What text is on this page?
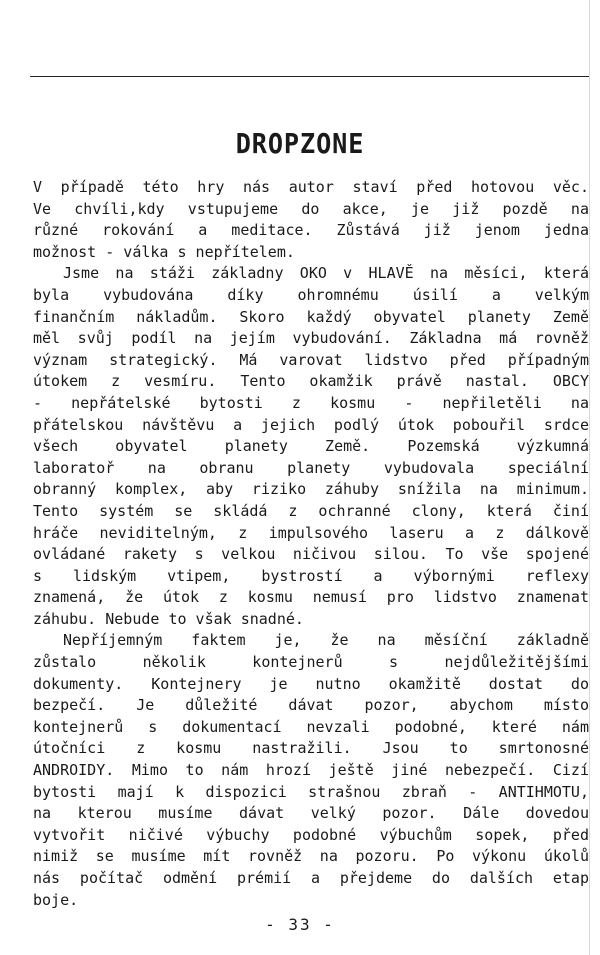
DROPZONE
V případě této hry nás autor staví před hotovou věc.
Ve chvíli,kdy vstupujeme do akce, je již pozdě na
různé rokování a meditace. Zůstává již jenom jedna
možnost - válka s nepřítelem.
Jsme na stáži základny OKO v HLAVĚ na měsíci, která
byla vybudována díky ohromnému úsilí a velkým
finančním nákladům. Skoro každý obyvatel planety Země
měl svůj podíl na jejím vybudování. Základna má rovněž
význam strategický. Má varovat lidstvo před případným
útokem z vesmíru. Tento okamžik právě nastal. OBCY
- nepřátelské bytosti z kosmu - nepřiletěli na
přátelskou návštěvu a jejich podlý útok pobouřil srdce
všech obyvatel planety Země. Pozemská výzkumná
laboratoř na obranu planety vybudovala speciální
obranný komplex, aby riziko záhuby snížila na minimum.
Tento systém se skládá z ochranné clony, která činí
hráče neviditelným, z impulsového laseru a z dálkově
ovládané rakety s velkou ničivou silou. To vše spojené
s lidským vtipem, bystrostí a výbornými reflexy
znamená, že útok z kosmu nemusí pro lidstvo znamenat
záhubu. Nebude to však snadné.
Nepříjemným faktem je, že na měsíční základně
zůstalo několik kontejnerů s nejdůležitějšími
dokumenty. Kontejnery je nutno okamžitě dostat do
bezpečí. Je důležité dávat pozor, abychom místo
kontejnerů s dokumentací nevzali podobné, které nám
útočníci z kosmu nastražili. Jsou to smrtonosné
ANDROIDY. Mimo to nám hrozí ještě jiné nebezpečí. Cizí
bytosti mají k dispozici strašnou zbraň - ANTIHMOTU,
na kterou musíme dávat velký pozor. Dále dovedou
vytvořit ničivé výbuchy podobné výbuchům sopek, před
nimiž se musíme mít rovněž na pozoru. Po výkonu úkolů
nás počítač odmění prémií a přejdeme do dalších etap
boje.
- 33 -
